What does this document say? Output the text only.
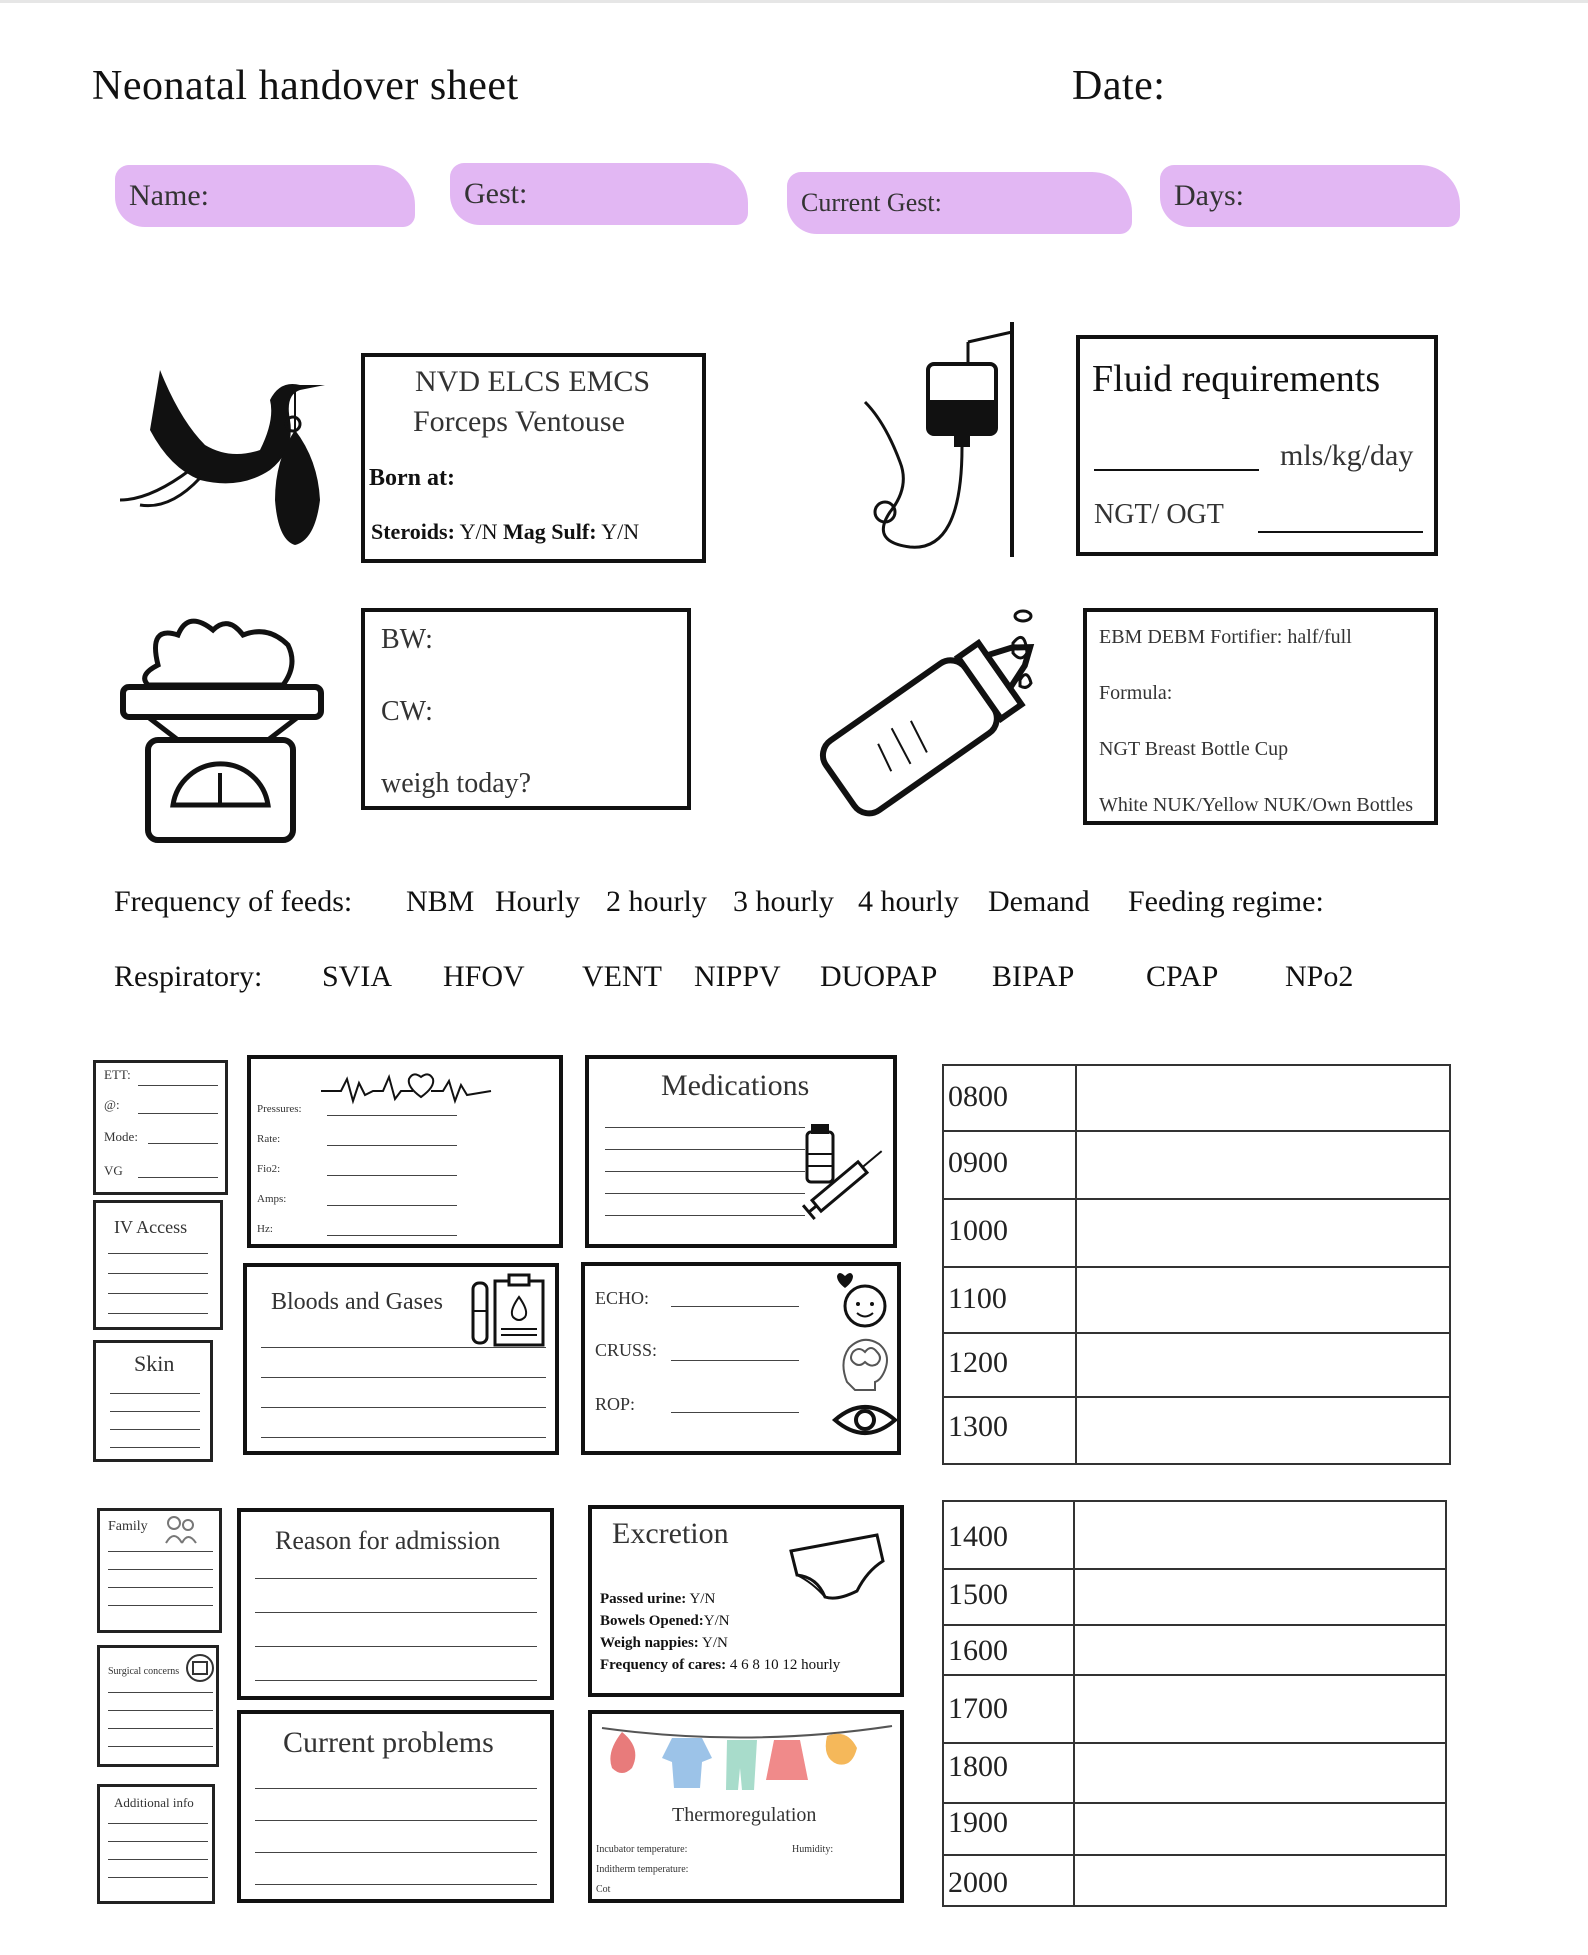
Neonatal handover sheet	Date:
Name:	Gest:	Current Gest:	Days:
NVD ELCS EMCS
Forceps Ventouse
Born at:
Steroids: Y/N Mag Sulf: Y/N
Fluid requirements
mls/kg/day
NGT/ OGT
BW:
CW:
weigh today?
EBM DEBM Fortifier: half/full
Formula:
NGT Breast Bottle Cup
White NUK/Yellow NUK/Own Bottles
Frequency of feeds: NBM Hourly 2 hourly 3 hourly 4 hourly Demand Feeding regime:
Respiratory: SVIA HFOV VENT NIPPV DUOPAP BIPAP CPAP NPo2
ETT:
@:
Mode:
VG
IV Access
Skin
Pressures:
Rate:
Fio2:
Amps:
Hz:
Medications
Bloods and Gases	ECHO:
CRUSS:
ROP:
Family
Surgical concerns
Additional info
Reason for admission
Current problems
Excretion
Passed urine: Y/N
Bowels Opened:Y/N
Weigh nappies: Y/N
Frequency of cares: 4 6 8 10 12 hourly
Thermoregulation
Incubator temperature:	Humidity:
Inditherm temperature:
Cot
0800
0900
1000
1100
1200
1300
1400
1500
1600
1700
1800
1900
2000
